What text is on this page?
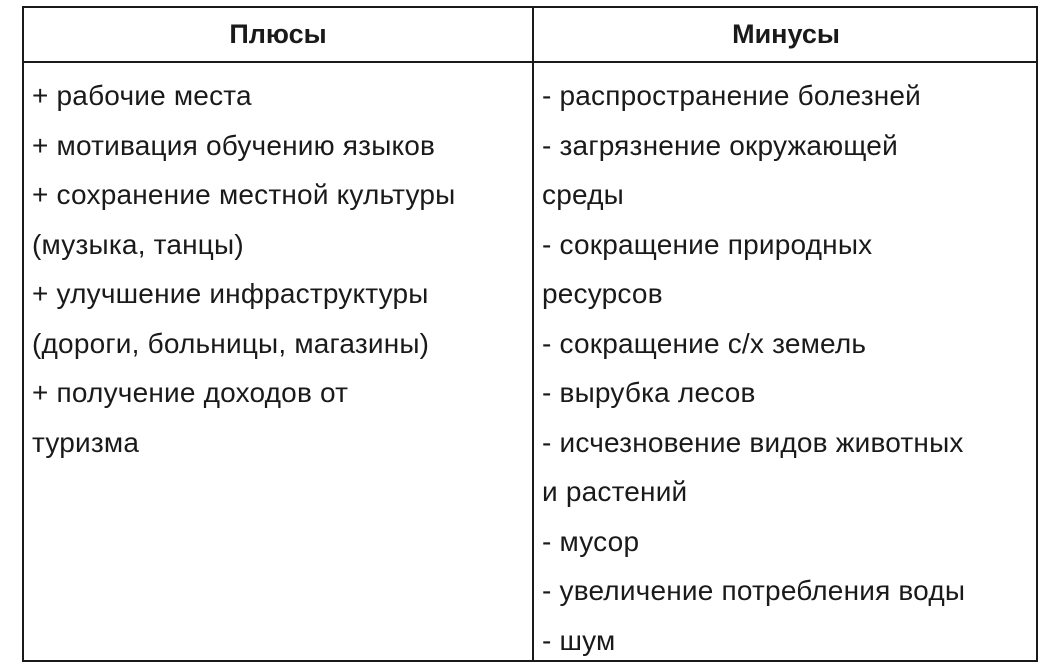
Плюсы	Минусы
+ рабочие места
+ мотивация обучению языков
+ сохранение местной культуры
(музыка, танцы)
+ улучшение инфраструктуры
(дороги, больницы, магазины)
+ получение доходов от
туризма
- распространение болезней
- загрязнение окружающей
среды
- сокращение природных
ресурсов
- сокращение с/х земель
- вырубка лесов
- исчезновение видов животных
и растений
- мусор
- увеличение потребления воды
- шум
